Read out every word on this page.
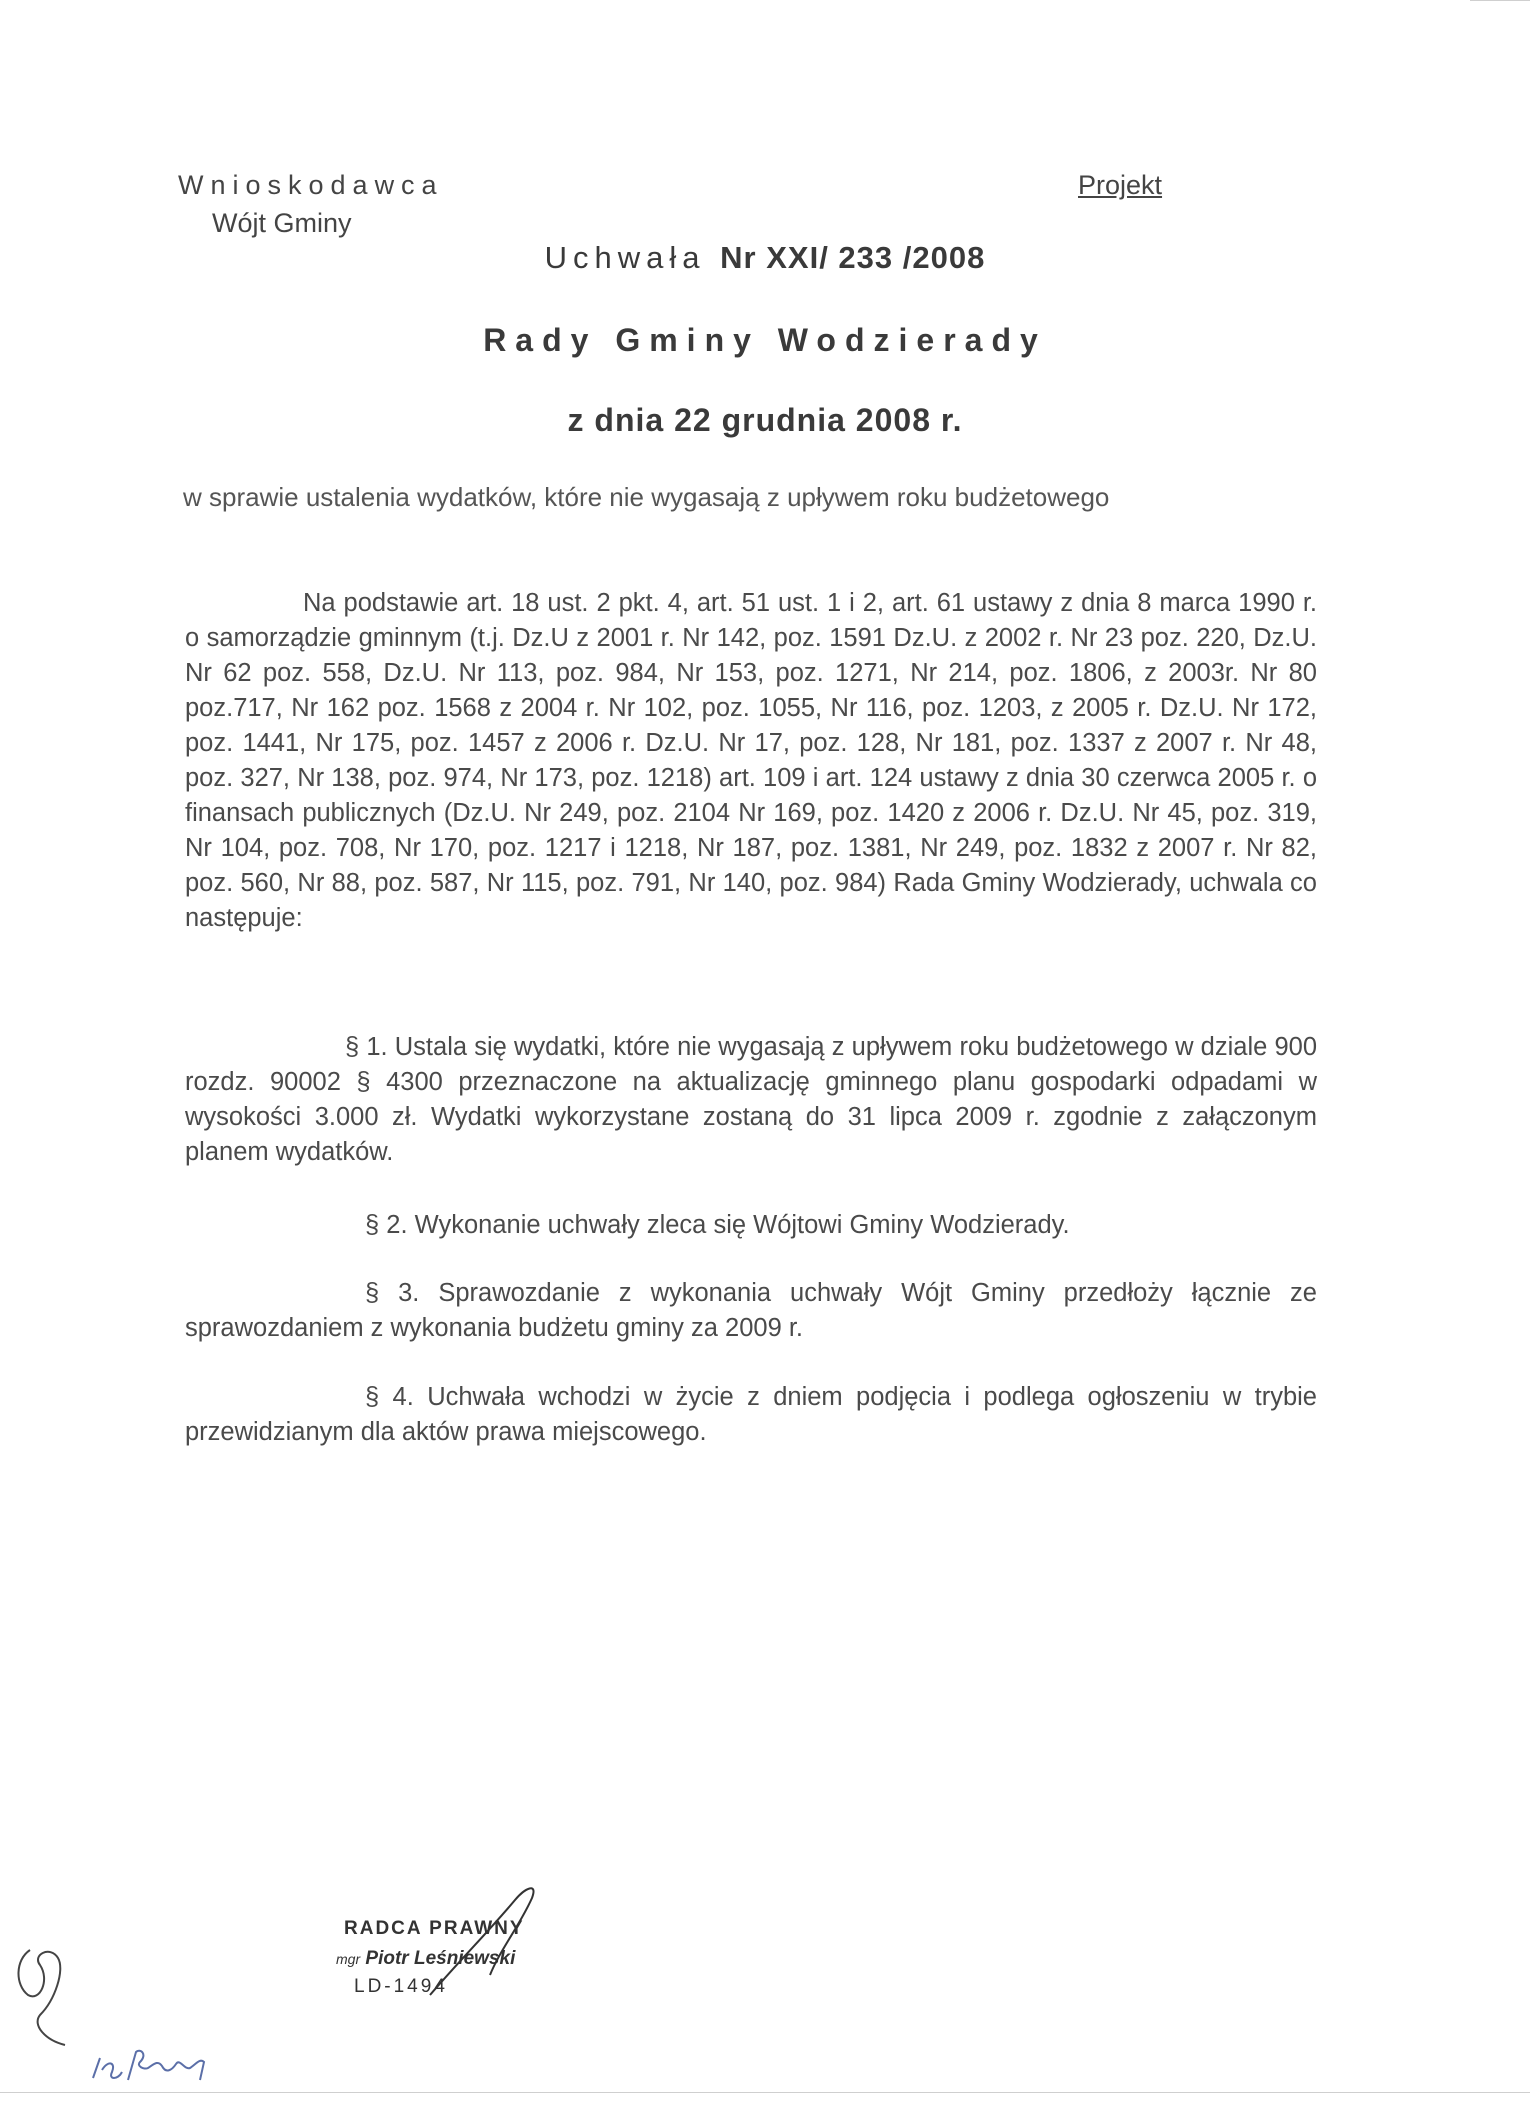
Wnioskodawca
Wójt Gminy
Projekt
Uchwała Nr XXI/ 233 /2008
Rady Gminy Wodzierady
z dnia 22 grudnia 2008 r.
w sprawie ustalenia wydatków, które nie wygasają z upływem roku budżetowego
Na podstawie art. 18 ust. 2 pkt. 4, art. 51 ust. 1 i 2, art. 61 ustawy z dnia 8 marca 1990 r. o samorządzie gminnym (t.j. Dz.U z 2001 r. Nr 142, poz. 1591 Dz.U. z 2002 r. Nr 23 poz. 220, Dz.U. Nr 62 poz. 558, Dz.U. Nr 113, poz. 984, Nr 153, poz. 1271, Nr 214, poz. 1806, z 2003r. Nr 80 poz.717, Nr 162 poz. 1568 z 2004 r. Nr 102, poz. 1055, Nr 116, poz. 1203, z 2005 r. Dz.U. Nr 172, poz. 1441, Nr 175, poz. 1457 z 2006 r. Dz.U. Nr 17, poz. 128, Nr 181, poz. 1337 z 2007 r. Nr 48, poz. 327, Nr 138, poz. 974, Nr 173, poz. 1218) art. 109 i art. 124 ustawy z dnia 30 czerwca 2005 r. o finansach publicznych (Dz.U. Nr 249, poz. 2104 Nr 169, poz. 1420 z 2006 r. Dz.U. Nr 45, poz. 319, Nr 104, poz. 708, Nr 170, poz. 1217 i 1218, Nr 187, poz. 1381, Nr 249, poz. 1832 z 2007 r. Nr 82, poz. 560, Nr 88, poz. 587, Nr 115, poz. 791, Nr 140, poz. 984) Rada Gminy Wodzierady, uchwala co następuje:
§ 1. Ustala się wydatki, które nie wygasają z upływem roku budżetowego w dziale 900 rozdz. 90002 § 4300 przeznaczone na aktualizację gminnego planu gospodarki odpadami w wysokości 3.000 zł. Wydatki wykorzystane zostaną do 31 lipca 2009 r. zgodnie z załączonym planem wydatków.
§ 2. Wykonanie uchwały zleca się Wójtowi Gminy Wodzierady.
§ 3. Sprawozdanie z wykonania uchwały Wójt Gminy przedłoży łącznie ze sprawozdaniem z wykonania budżetu gminy za 2009 r.
§ 4. Uchwała wchodzi w życie z dniem podjęcia i podlega ogłoszeniu w trybie przewidzianym dla aktów prawa miejscowego.
RADCA PRAWNY
mgr Piotr Leśniewski
LD-1494
